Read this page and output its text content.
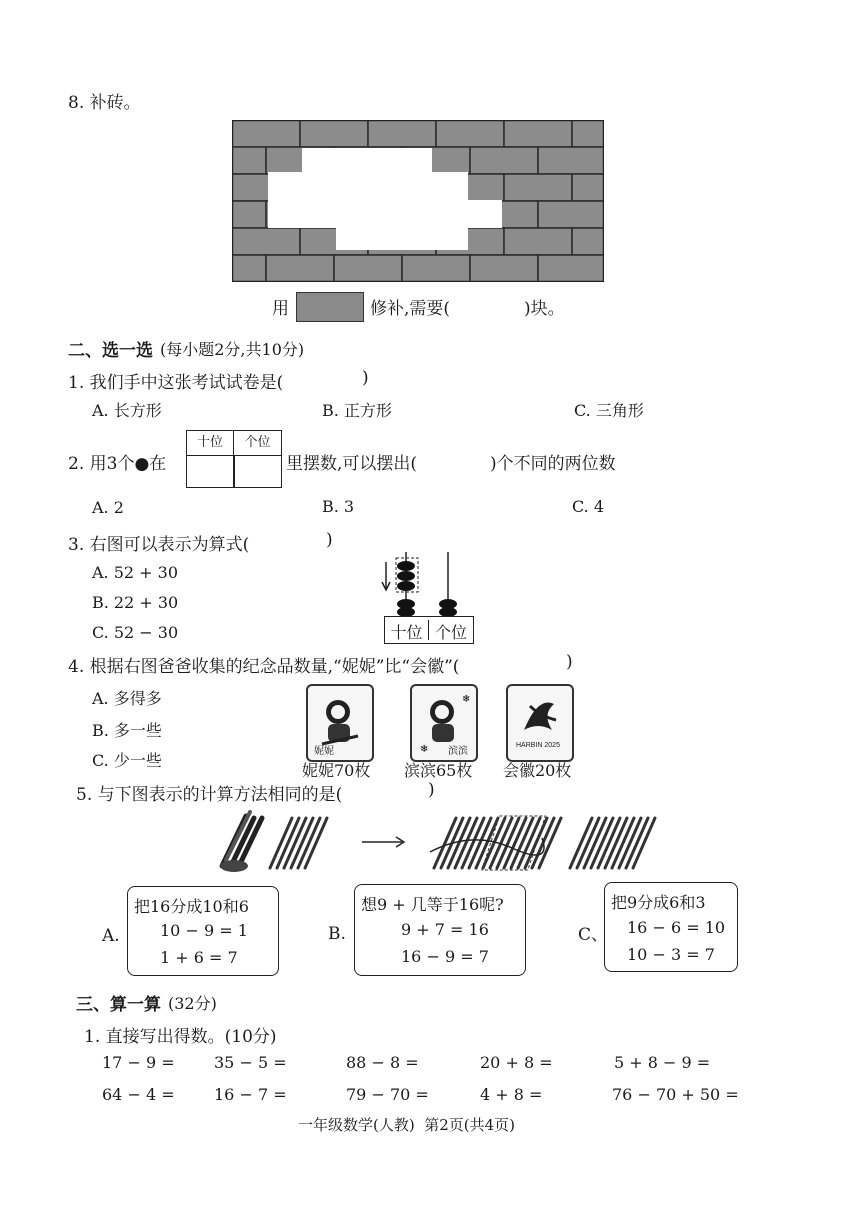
8. 补砖。
用	修补,需要(	)块。
二、选一选 (每小题2分,共10分)
1. 我们手中这张考试试卷是(	)
A. 长方形	B. 正方形	C. 三角形
2. 用3个●在
十位	个位
里摆数,可以摆出(	)个不同的两位数
A. 2	B. 3	C. 4
3. 右图可以表示为算式(	)
A. 52 + 30
B. 22 + 30
C. 52 − 30	十位 个位
4. 根据右图爸爸收集的纪念品数量,“妮妮”比“会徽”(	)
A. 多得多
B. 多一些
C. 少一些	妮妮
妮妮70枚
❄
❄ 滨滨
滨滨65枚
HARBIN 2025
会徽20枚
5. 与下图表示的计算方法相同的是(	)
A.
把16分成10和6
10 − 9 = 1
1 + 6 = 7
B.
想9 + 几等于16呢?
9 + 7 = 16
16 − 9 = 7
C、
把9分成6和3
16 − 6 = 10
10 − 3 = 7
三、算一算 (32分)
1. 直接写出得数。(10分)
17 − 9 = 35 − 5 =	88 − 8 =	20 + 8 =	5 + 8 − 9 =
64 − 4 = 16 − 7 =	79 − 70 =	4 + 8 =	76 − 70 + 50 =
一年级数学(人教)  第2页(共4页)
